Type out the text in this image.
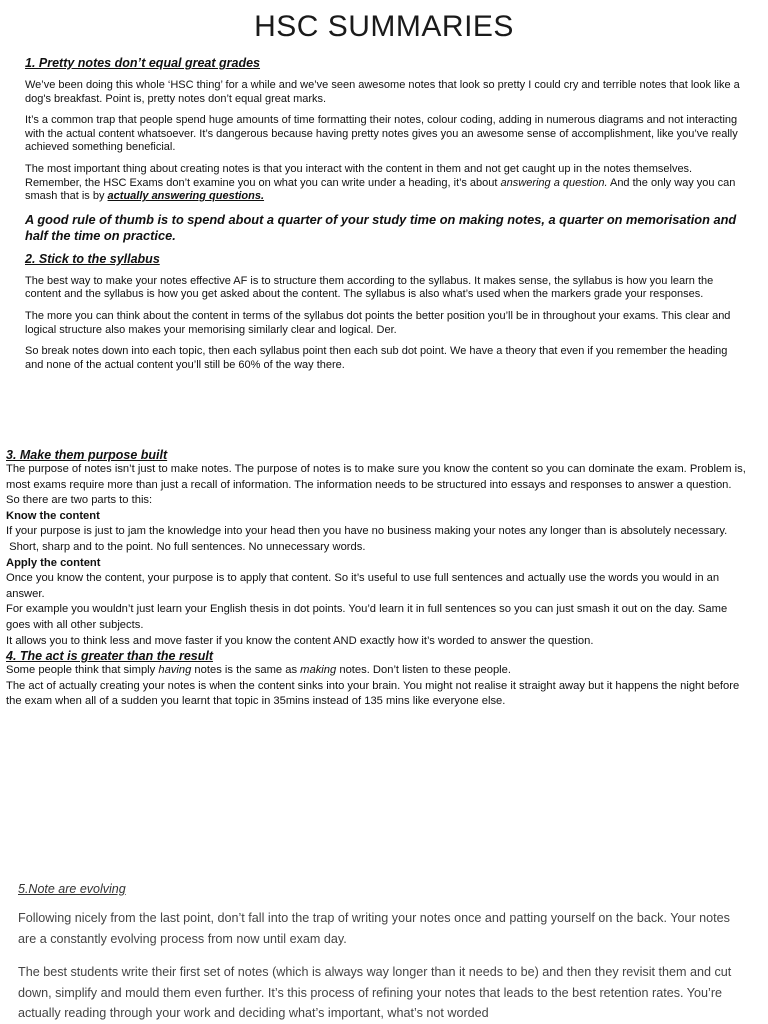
HSC SUMMARIES
1. Pretty notes don’t equal great grades

We’ve been doing this whole ‘HSC thing’ for a while and we’ve seen awesome notes that look so pretty I could cry and terrible notes that look like a dog's breakfast. Point is, pretty notes don’t equal great marks.

It’s a common trap that people spend huge amounts of time formatting their notes, colour coding, adding in numerous diagrams and not interacting with the actual content whatsoever. It’s dangerous because having pretty notes gives you an awesome sense of accomplishment, like you’ve really achieved something beneficial.

The most important thing about creating notes is that you interact with the content in them and not get caught up in the notes themselves. Remember, the HSC Exams don’t examine you on what you can write under a heading, it’s about answering a question. And the only way you can smash that is by actually answering questions.

A good rule of thumb is to spend about a quarter of your study time on making notes, a quarter on memorisation and half the time on practice.

2. Stick to the syllabus

The best way to make your notes effective AF is to structure them according to the syllabus. It makes sense, the syllabus is how you learn the content and the syllabus is how you get asked about the content. The syllabus is also what’s used when the markers grade your responses.

The more you can think about the content in terms of the syllabus dot points the better position you’ll be in throughout your exams. This clear and logical structure also makes your memorising similarly clear and logical. Der.

So break notes down into each topic, then each syllabus point then each sub dot point. We have a theory that even if you remember the heading and none of the actual content you’ll still be 60% of the way there.

3. Make them purpose built

The purpose of notes isn’t just to make notes. The purpose of notes is to make sure you know the content so you can dominate the exam. Problem is, most exams require more than just a recall of information. The information needs to be structured into essays and responses to answer a question. So there are two parts to this:

Know the content

If your purpose is just to jam the knowledge into your head then you have no business making your notes any longer than is absolutely necessary.

Short, sharp and to the point. No full sentences. No unnecessary words.

Apply the content

Once you know the content, your purpose is to apply that content. So it’s useful to use full sentences and actually use the words you would in an answer.

For example you wouldn’t just learn your English thesis in dot points. You’d learn it in full sentences so you can just smash it out on the day. Same goes with all other subjects.

It allows you to think less and move faster if you know the content AND exactly how it’s worded to answer the question.

4. The act is greater than the result

Some people think that simply having notes is the same as making notes. Don’t listen to these people.

The act of actually creating your notes is when the content sinks into your brain. You might not realise it straight away but it happens the night before the exam when all of a sudden you learnt that topic in 35mins instead of 135 mins like everyone else.

5.Note are evolving

Following nicely from the last point, don’t fall into the trap of writing your notes once and patting yourself on the back. Your notes are a constantly evolving process from now until exam day.

The best students write their first set of notes (which is always way longer than it needs to be) and then they revisit them and cut down, simplify and mould them even further. It’s this process of refining your notes that leads to the best retention rates. You’re actually reading through your work and deciding what’s important, what’s not worded
